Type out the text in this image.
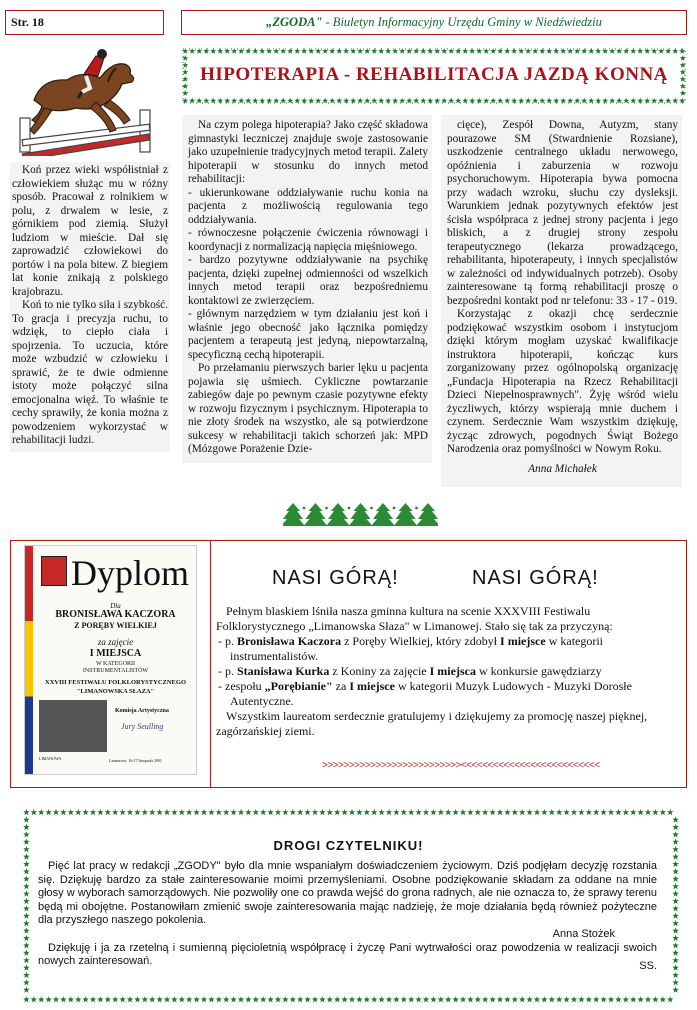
Str. 18	„ZGODA" - Biuletyn Informacyjny Urzędu Gminy w Niedźwiedziu
HIPOTERAPIA - REHABILITACJA JAZDĄ KONNĄ

Koń przez wieki współistniał z człowiekiem służąc mu w różny sposób. Pracował z rolnikiem w polu, z drwalem w lesie, z górnikiem pod ziemią. Służył ludziom w mieście. Dał się zaprowadzić człowiekowi do portów i na pola bitew. Z biegiem lat konie znikają z polskiego krajobrazu.

Koń to nie tylko siła i szybkość. To gracja i precyzja ruchu, to wdzięk, to ciepło ciała i spojrzenia. To uczucia, które może wzbudzić w człowieku i sprawić, że te dwie odmienne istoty może połączyć silna emocjonalna więź. To właśnie te cechy sprawiły, że konia można z powodzeniem wykorzystać w rehabilitacji ludzi.

Na czym polega hipoterapia? Jako część składowa gimnastyki leczniczej znajduje swoje zastosowanie jako uzupełnienie tradycyjnych metod terapii. Zalety hipoterapii w stosunku do innych metod rehabilitacji:

- ukierunkowane oddziaływanie ruchu konia na pacjenta z możliwością regulowania tego oddziaływania.

- równoczesne połączenie ćwiczenia równowagi i koordynacji z normalizacją napięcia mięśniowego.

- bardzo pozytywne oddziaływanie na psychikę pacjenta, dzięki zupełnej odmienności od wszelkich innych metod terapii oraz bezpośredniemu kontaktowi ze zwierzęciem.

- głównym narzędziem w tym działaniu jest koń i właśnie jego obecność jako łącznika pomiędzy pacjentem a terapeutą jest jedyną, niepowtarzalną, specyficzną cechą hipoterapii.

Po przełamaniu pierwszych barier lęku u pacjenta pojawia się uśmiech. Cykliczne powtarzanie zabiegów daje po pewnym czasie pozytywne efekty w rozwoju fizycznym i psychicznym. Hipoterapia to nie złoty środek na wszystko, ale są potwierdzone sukcesy w rehabilitacji takich schorzeń jak: MPD (Mózgowe Porażenie Dzie-

cięce), Zespół Downa, Autyzm, stany pourazowe SM (Stwardnienie Rozsiane), uszkodzenie centralnego układu nerwowego, opóźnienia i zaburzenia w rozwoju psychoruchowym. Hipoterapia bywa pomocna przy wadach wzroku, słuchu czy dysleksji. Warunkiem jednak pozytywnych efektów jest ścisła współpraca z jednej strony pacjenta i jego bliskich, a z drugiej strony zespołu terapeutycznego (lekarza prowadzącego, rehabilitanta, hipoterapeuty, i innych specjalistów w zależności od indywidualnych potrzeb). Osoby zainteresowane tą formą rehabilitacji proszę o bezpośredni kontakt pod nr telefonu: 33 - 17 - 019.

Korzystając z okazji chcę serdecznie podziękować wszystkim osobom i instytucjom dzięki którym mogłam uzyskać kwalifikacje instruktora hipoterapii, kończąc kurs zorganizowany przez ogólnopolską organizację „Fundacja Hipoterapia na Rzecz Rehabilitacji Dzieci Niepełnosprawnych". Żyję wśród wielu życzliwych, którzy wspierają mnie duchem i czynem. Serdecznie Wam wszystkim dziękuję, życząc zdrowych, pogodnych Świąt Bożego Narodzenia oraz pomyślności w Nowym Roku.

Anna Michałek
Dyplom
Dla
BRONISŁAWA KACZORA
Z PORĘBY WIELKIEJ
za zajęcie
I MIEJSCA
W KATEGORII
INSTRUMENTALISTÓW
XXVIII FESTIWALU FOLKLORYSTYCZNEGO
"LIMANOWSKA SŁAZA"
Komisja Artystyczna
Jury Seulling
LIMANOWA	Limanowa, 16-17 listopada 2001
NASI GÓRĄ!	NASI GÓRĄ!

Pełnym blaskiem lśniła nasza gminna kultura na scenie XXXVIII Festiwalu Folklorystycznego „Limanowska Słaza" w Limanowej. Stało się tak za przyczyną:

- p. Bronisława Kaczora z Poręby Wielkiej, który zdobył I miejsce w kategorii instrumentalistów.
- p. Stanisława Kurka z Koniny za zajęcie I miejsca w konkursie gawędziarzy
- zespołu „Porębianie" za I miejsce w kategorii Muzyk Ludowych - Muzyki Dorosłe Autentyczne.

Wszystkim laureatom serdecznie gratulujemy i dziękujemy za promocję naszej pięknej, zagórzańskiej ziemi.

>>>>>>>>>>>>>>>>>>>>>>>>>><<<<<<<<<<<<<<<<<<<<<<<<<<
DROGI CZYTELNIKU!
Pięć lat pracy w redakcji „ZGODY" było dla mnie wspaniałym doświadczeniem życiowym. Dziś podjęłam decyzję rozstania się. Dziękuję bardzo za stałe zainteresowanie moimi przemyśleniami. Osobne podziękowanie składam za oddane na mnie głosy w wyborach samorządowych. Nie pozwoliły one co prawda wejść do grona radnych, ale nie oznacza to, że sprawy terenu będą mi obojętne. Postanowiłam zmienić swoje zainteresowania mając nadzieję, że moje działania będą również pożyteczne dla przyszłego naszego pokolenia.
Anna Stożek
Dziękuję i ja za rzetelną i sumienną pięcioletnią współpracę i życzę Pani wytrwałości oraz powodzenia w realizacji swoich nowych zainteresowań.	SS.
